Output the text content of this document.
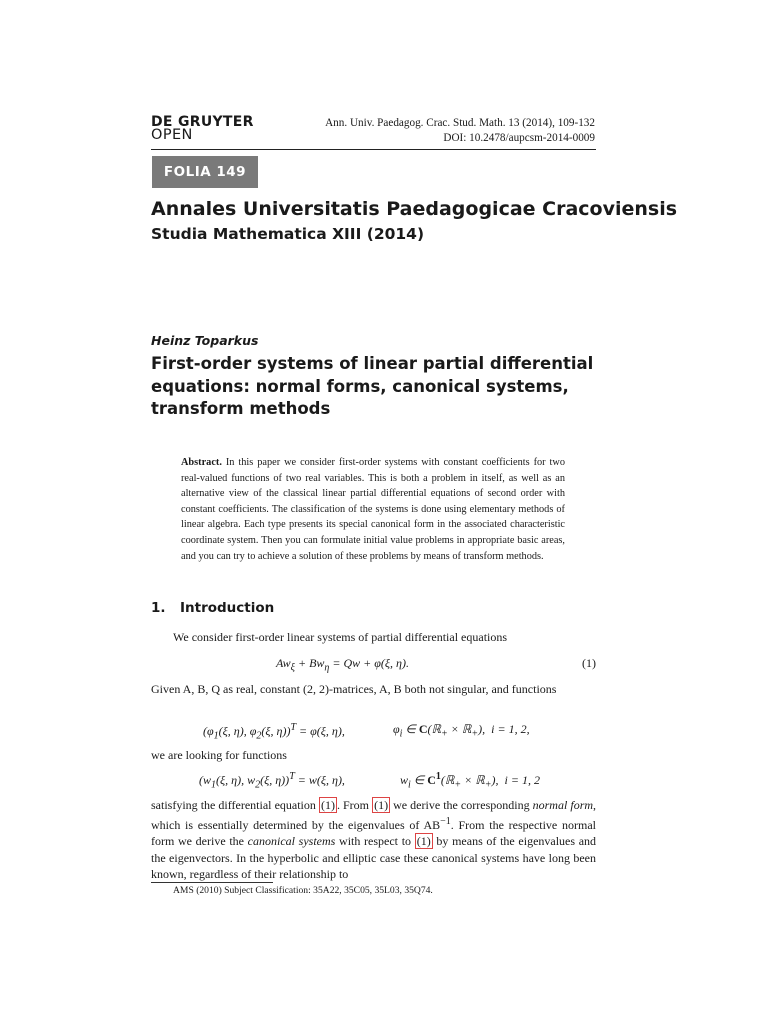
DE GRUYTER
OPEN
Ann. Univ. Paedagog. Crac. Stud. Math. 13 (2014), 109-132
DOI: 10.2478/aupcsm-2014-0009
FOLIA 149
Annales Universitatis Paedagogicae Cracoviensis
Studia Mathematica XIII (2014)
Heinz Toparkus
First-order systems of linear partial differential
equations: normal forms, canonical systems,
transform methods
Abstract. In this paper we consider first-order systems with constant coefficients for two real-valued functions of two real variables. This is both a problem in itself, as well as an alternative view of the classical linear partial differential equations of second order with constant coefficients. The classification of the systems is done using elementary methods of linear algebra. Each type presents its special canonical form in the associated characteristic coordinate system. Then you can formulate initial value problems in appropriate basic areas, and you can try to achieve a solution of these problems by means of transform methods.
1. Introduction
We consider first-order linear systems of partial differential equations
$Aw_\xi + Bw_\eta = Qw + \varphi(\xi$, η).	(1)
Given A, B, Q as real, constant (2, 2)-matrices, A, B both not singular, and functions
($\varphi_1(\xi$, η), $\varphi_2(\xi$, η))$^T$ = φ(ξ, η),	$\varphi_i$ ∈ C(ℝ$_+$ × ℝ$_+$),  i = 1, 2,
we are looking for functions
($w_1(\xi$, η), $w_2(\xi$, η))$^T$ = w(ξ, η),	$w_i$ ∈ $C^1(ℝ_+$ × ℝ$_+$),  i = 1, 2
satisfying the differential equation (1) . From (1) we derive the corresponding normal form, which is essentially determined by the eigenvalues of $AB^{-1}$. From the respective normal form we derive the canonical systems with respect to (1) by means of the eigenvalues and the eigenvectors. In the hyperbolic and elliptic case these canonical systems have long been known, regardless of their relationship to
AMS (2010) Subject Classification: 35A22, 35C05, 35L03, 35Q74.
